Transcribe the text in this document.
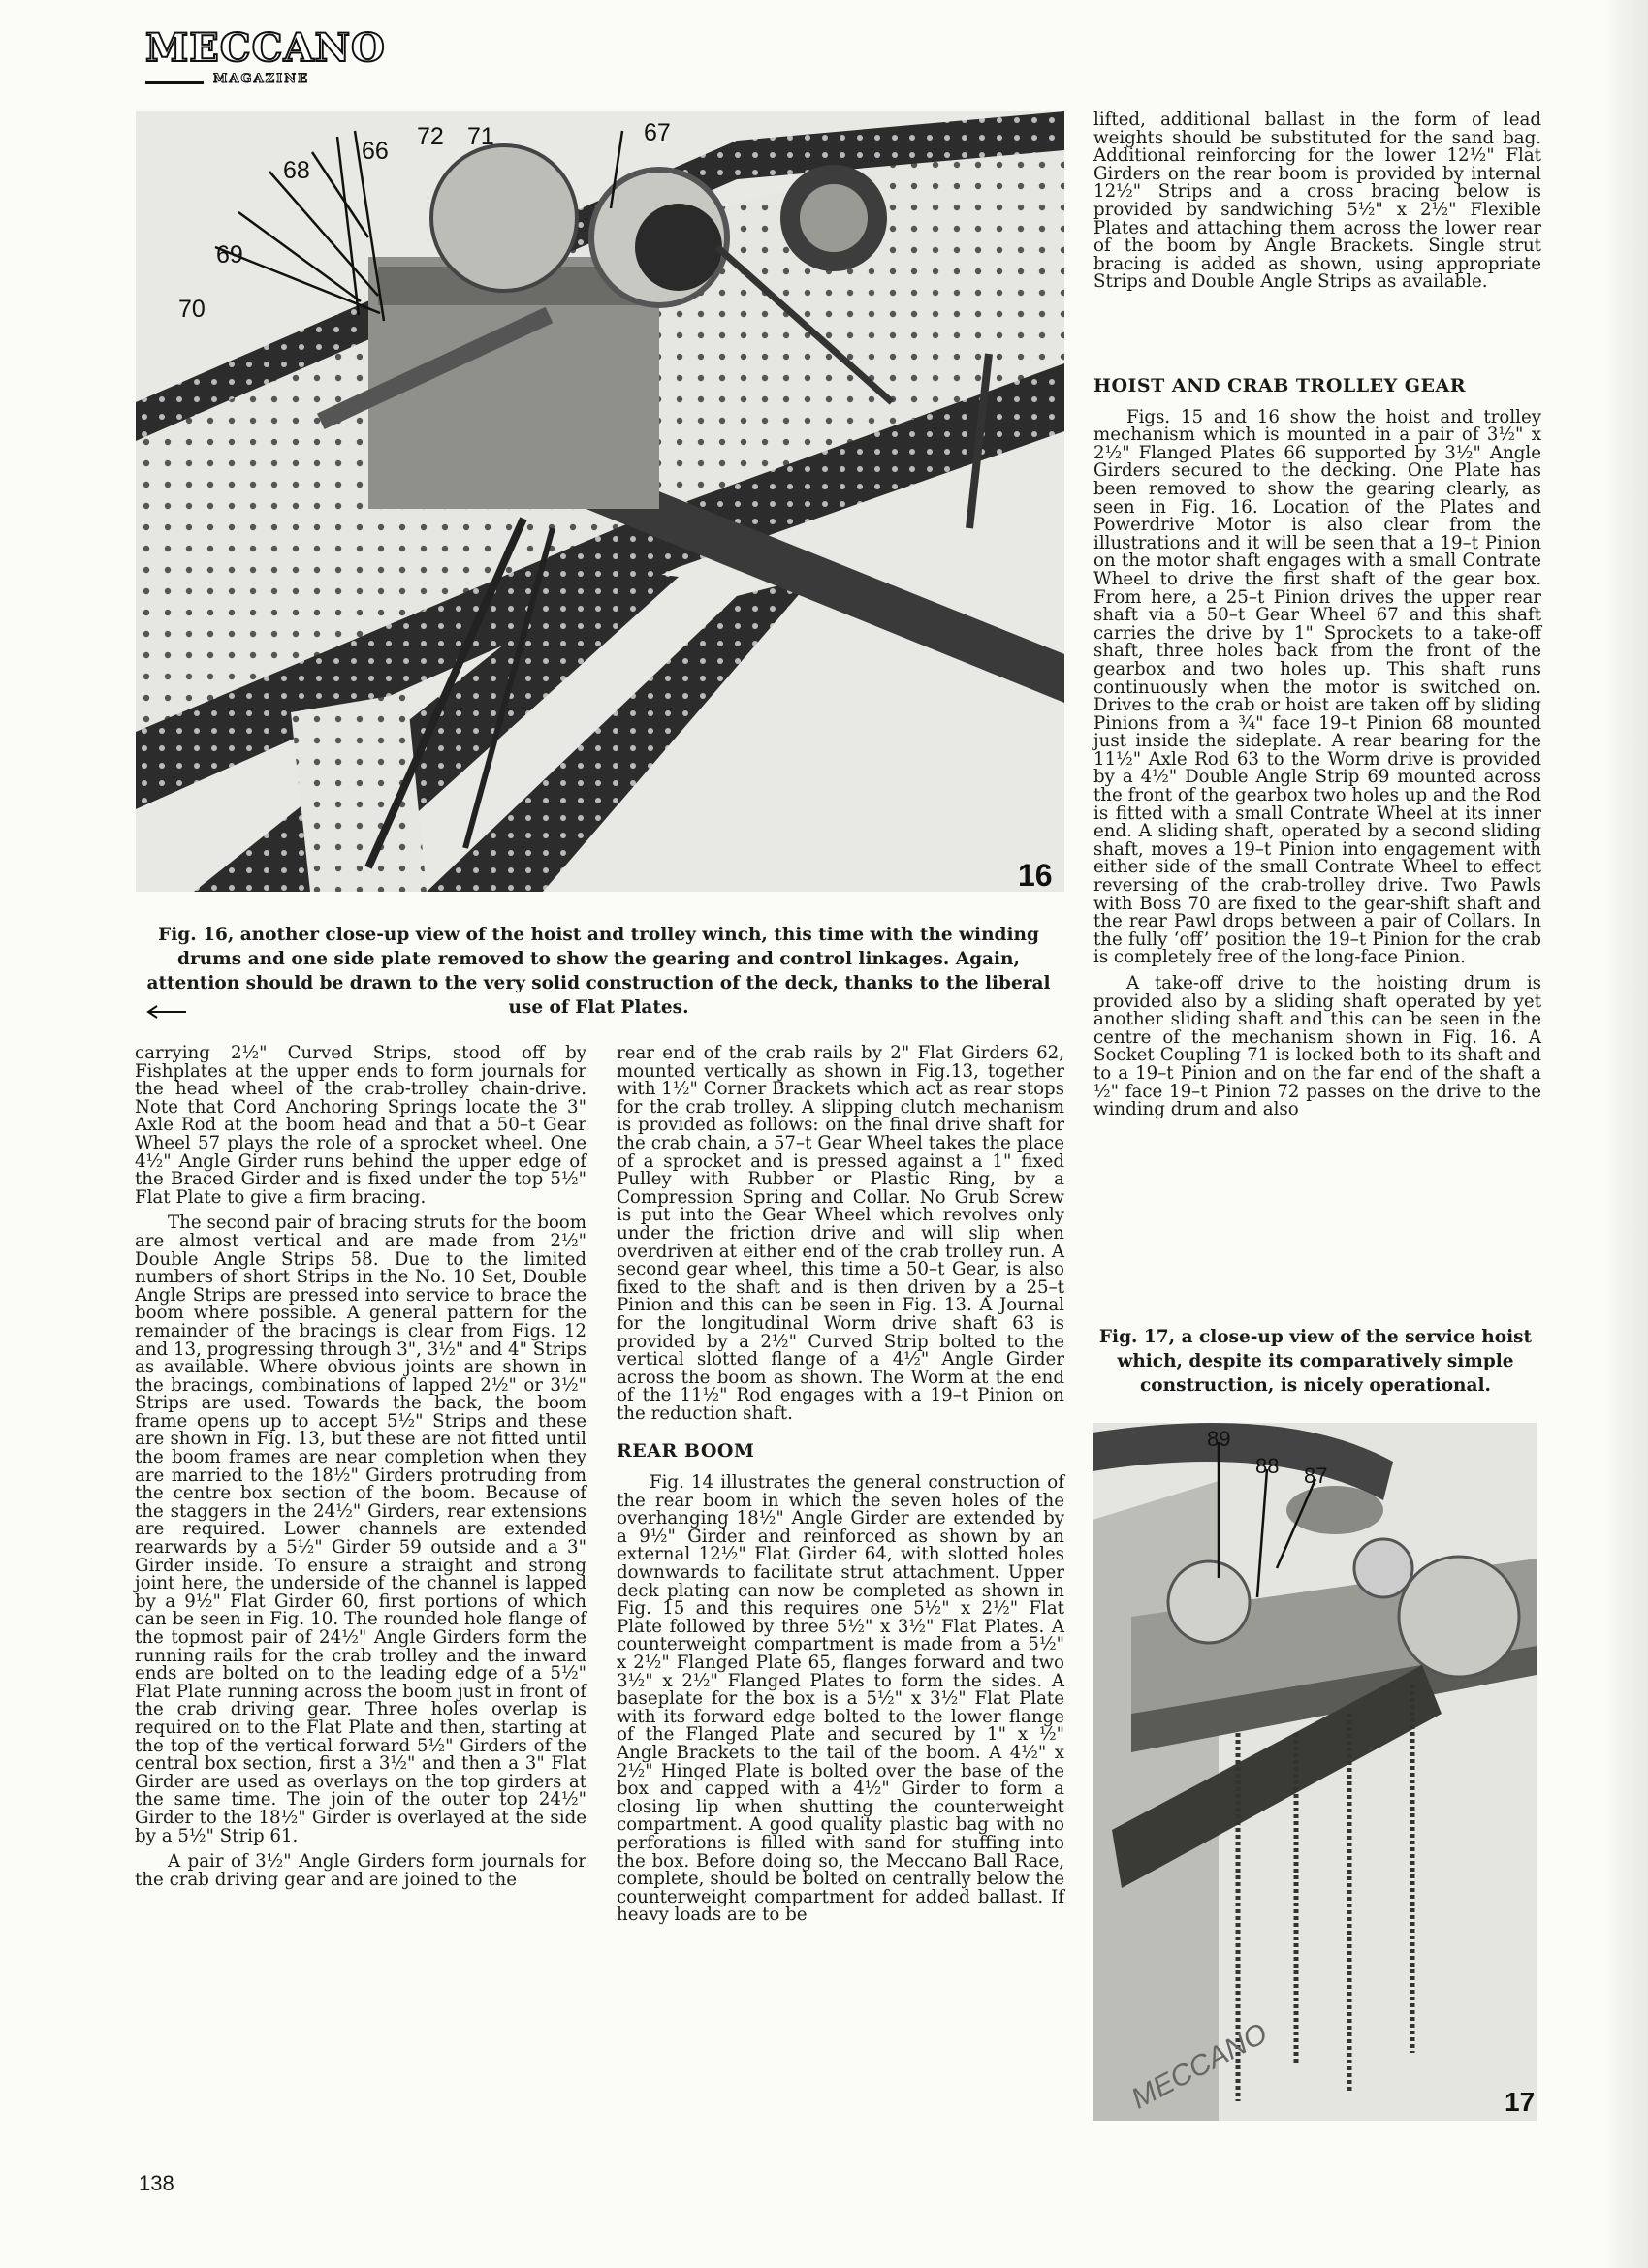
MECCANO
MAGAZINE
66
72 71	67
68
69
70
16
Fig. 16, another close-up view of the hoist and trolley winch, this time with the winding drums and one side plate removed to show the gearing and control linkages. Again, attention should be drawn to the very solid construction of the deck, thanks to the liberal use of Flat Plates.

carrying 2½" Curved Strips, stood off by Fishplates at the upper ends to form journals for the head wheel of the crab-trolley chain-drive. Note that Cord Anchoring Springs locate the 3" Axle Rod at the boom head and that a 50–t Gear Wheel 57 plays the role of a sprocket wheel. One 4½" Angle Girder runs behind the upper edge of the Braced Girder and is fixed under the top 5½" Flat Plate to give a firm bracing.

The second pair of bracing struts for the boom are almost vertical and are made from 2½" Double Angle Strips 58. Due to the limited numbers of short Strips in the No. 10 Set, Double Angle Strips are pressed into service to brace the boom where possible. A general pattern for the remainder of the bracings is clear from Figs. 12 and 13, progressing through 3", 3½" and 4" Strips as available. Where obvious joints are shown in the bracings, combinations of lapped 2½" or 3½" Strips are used. Towards the back, the boom frame opens up to accept 5½" Strips and these are shown in Fig. 13, but these are not fitted until the boom frames are near completion when they are married to the 18½" Girders protruding from the centre box section of the boom. Because of the staggers in the 24½" Girders, rear extensions are required. Lower channels are extended rearwards by a 5½" Girder 59 outside and a 3" Girder inside. To ensure a straight and strong joint here, the underside of the channel is lapped by a 9½" Flat Girder 60, first portions of which can be seen in Fig. 10. The rounded hole flange of the topmost pair of 24½" Angle Girders form the running rails for the crab trolley and the inward ends are bolted on to the leading edge of a 5½" Flat Plate running across the boom just in front of the crab driving gear. Three holes overlap is required on to the Flat Plate and then, starting at the top of the vertical forward 5½" Girders of the central box section, first a 3½" and then a 3" Flat Girder are used as overlays on the top girders at the same time. The join of the outer top 24½" Girder to the 18½" Girder is overlayed at the side by a 5½" Strip 61.

A pair of 3½" Angle Girders form journals for the crab driving gear and are joined to the

rear end of the crab rails by 2" Flat Girders 62, mounted vertically as shown in Fig.13, together with 1½" Corner Brackets which act as rear stops for the crab trolley. A slipping clutch mechanism is provided as follows: on the final drive shaft for the crab chain, a 57–t Gear Wheel takes the place of a sprocket and is pressed against a 1" fixed Pulley with Rubber or Plastic Ring, by a Compression Spring and Collar. No Grub Screw is put into the Gear Wheel which revolves only under the friction drive and will slip when overdriven at either end of the crab trolley run. A second gear wheel, this time a 50–t Gear, is also fixed to the shaft and is then driven by a 25–t Pinion and this can be seen in Fig. 13. A Journal for the longitudinal Worm drive shaft 63 is provided by a 2½" Curved Strip bolted to the vertical slotted flange of a 4½" Angle Girder across the boom as shown. The Worm at the end of the 11½" Rod engages with a 19–t Pinion on the reduction shaft.

REAR BOOM

Fig. 14 illustrates the general construction of the rear boom in which the seven holes of the overhanging 18½" Angle Girder are extended by a 9½" Girder and reinforced as shown by an external 12½" Flat Girder 64, with slotted holes downwards to facilitate strut attachment. Upper deck plating can now be completed as shown in Fig. 15 and this requires one 5½" x 2½" Flat Plate followed by three 5½" x 3½" Flat Plates. A counterweight compartment is made from a 5½" x 2½" Flanged Plate 65, flanges forward and two 3½" x 2½" Flanged Plates to form the sides. A baseplate for the box is a 5½" x 3½" Flat Plate with its forward edge bolted to the lower flange of the Flanged Plate and secured by 1" x ½" Angle Brackets to the tail of the boom. A 4½" x 2½" Hinged Plate is bolted over the base of the box and capped with a 4½" Girder to form a closing lip when shutting the counterweight compartment. A good quality plastic bag with no perforations is filled with sand for stuffing into the box. Before doing so, the Meccano Ball Race, complete, should be bolted on centrally below the counterweight compartment for added ballast. If heavy loads are to be

lifted, additional ballast in the form of lead weights should be substituted for the sand bag. Additional reinforcing for the lower 12½" Flat Girders on the rear boom is provided by internal 12½" Strips and a cross bracing below is provided by sandwiching 5½" x 2½" Flexible Plates and attaching them across the lower rear of the boom by Angle Brackets. Single strut bracing is added as shown, using appropriate Strips and Double Angle Strips as available.

HOIST AND CRAB TROLLEY GEAR

Figs. 15 and 16 show the hoist and trolley mechanism which is mounted in a pair of 3½" x 2½" Flanged Plates 66 supported by 3½" Angle Girders secured to the decking. One Plate has been removed to show the gearing clearly, as seen in Fig. 16. Location of the Plates and Powerdrive Motor is also clear from the illustrations and it will be seen that a 19–t Pinion on the motor shaft engages with a small Contrate Wheel to drive the first shaft of the gear box. From here, a 25–t Pinion drives the upper rear shaft via a 50–t Gear Wheel 67 and this shaft carries the drive by 1" Sprockets to a take-off shaft, three holes back from the front of the gearbox and two holes up. This shaft runs continuously when the motor is switched on. Drives to the crab or hoist are taken off by sliding Pinions from a ¾" face 19–t Pinion 68 mounted just inside the sideplate. A rear bearing for the 11½" Axle Rod 63 to the Worm drive is provided by a 4½" Double Angle Strip 69 mounted across the front of the gearbox two holes up and the Rod is fitted with a small Contrate Wheel at its inner end. A sliding shaft, operated by a second sliding shaft, moves a 19–t Pinion into engagement with either side of the small Contrate Wheel to effect reversing of the crab-trolley drive. Two Pawls with Boss 70 are fixed to the gear-shift shaft and the rear Pawl drops between a pair of Collars. In the fully ‘off’ position the 19–t Pinion for the crab is completely free of the long-face Pinion.

A take-off drive to the hoisting drum is provided also by a sliding shaft operated by yet another sliding shaft and this can be seen in the centre of the mechanism shown in Fig. 16. A Socket Coupling 71 is locked both to its shaft and to a 19–t Pinion and on the far end of the shaft a ½" face 19–t Pinion 72 passes on the drive to the winding drum and also

Fig. 17, a close-up view of the service hoist which, despite its comparatively simple construction, is nicely operational.
MECCANO
89
88 87
17
138
